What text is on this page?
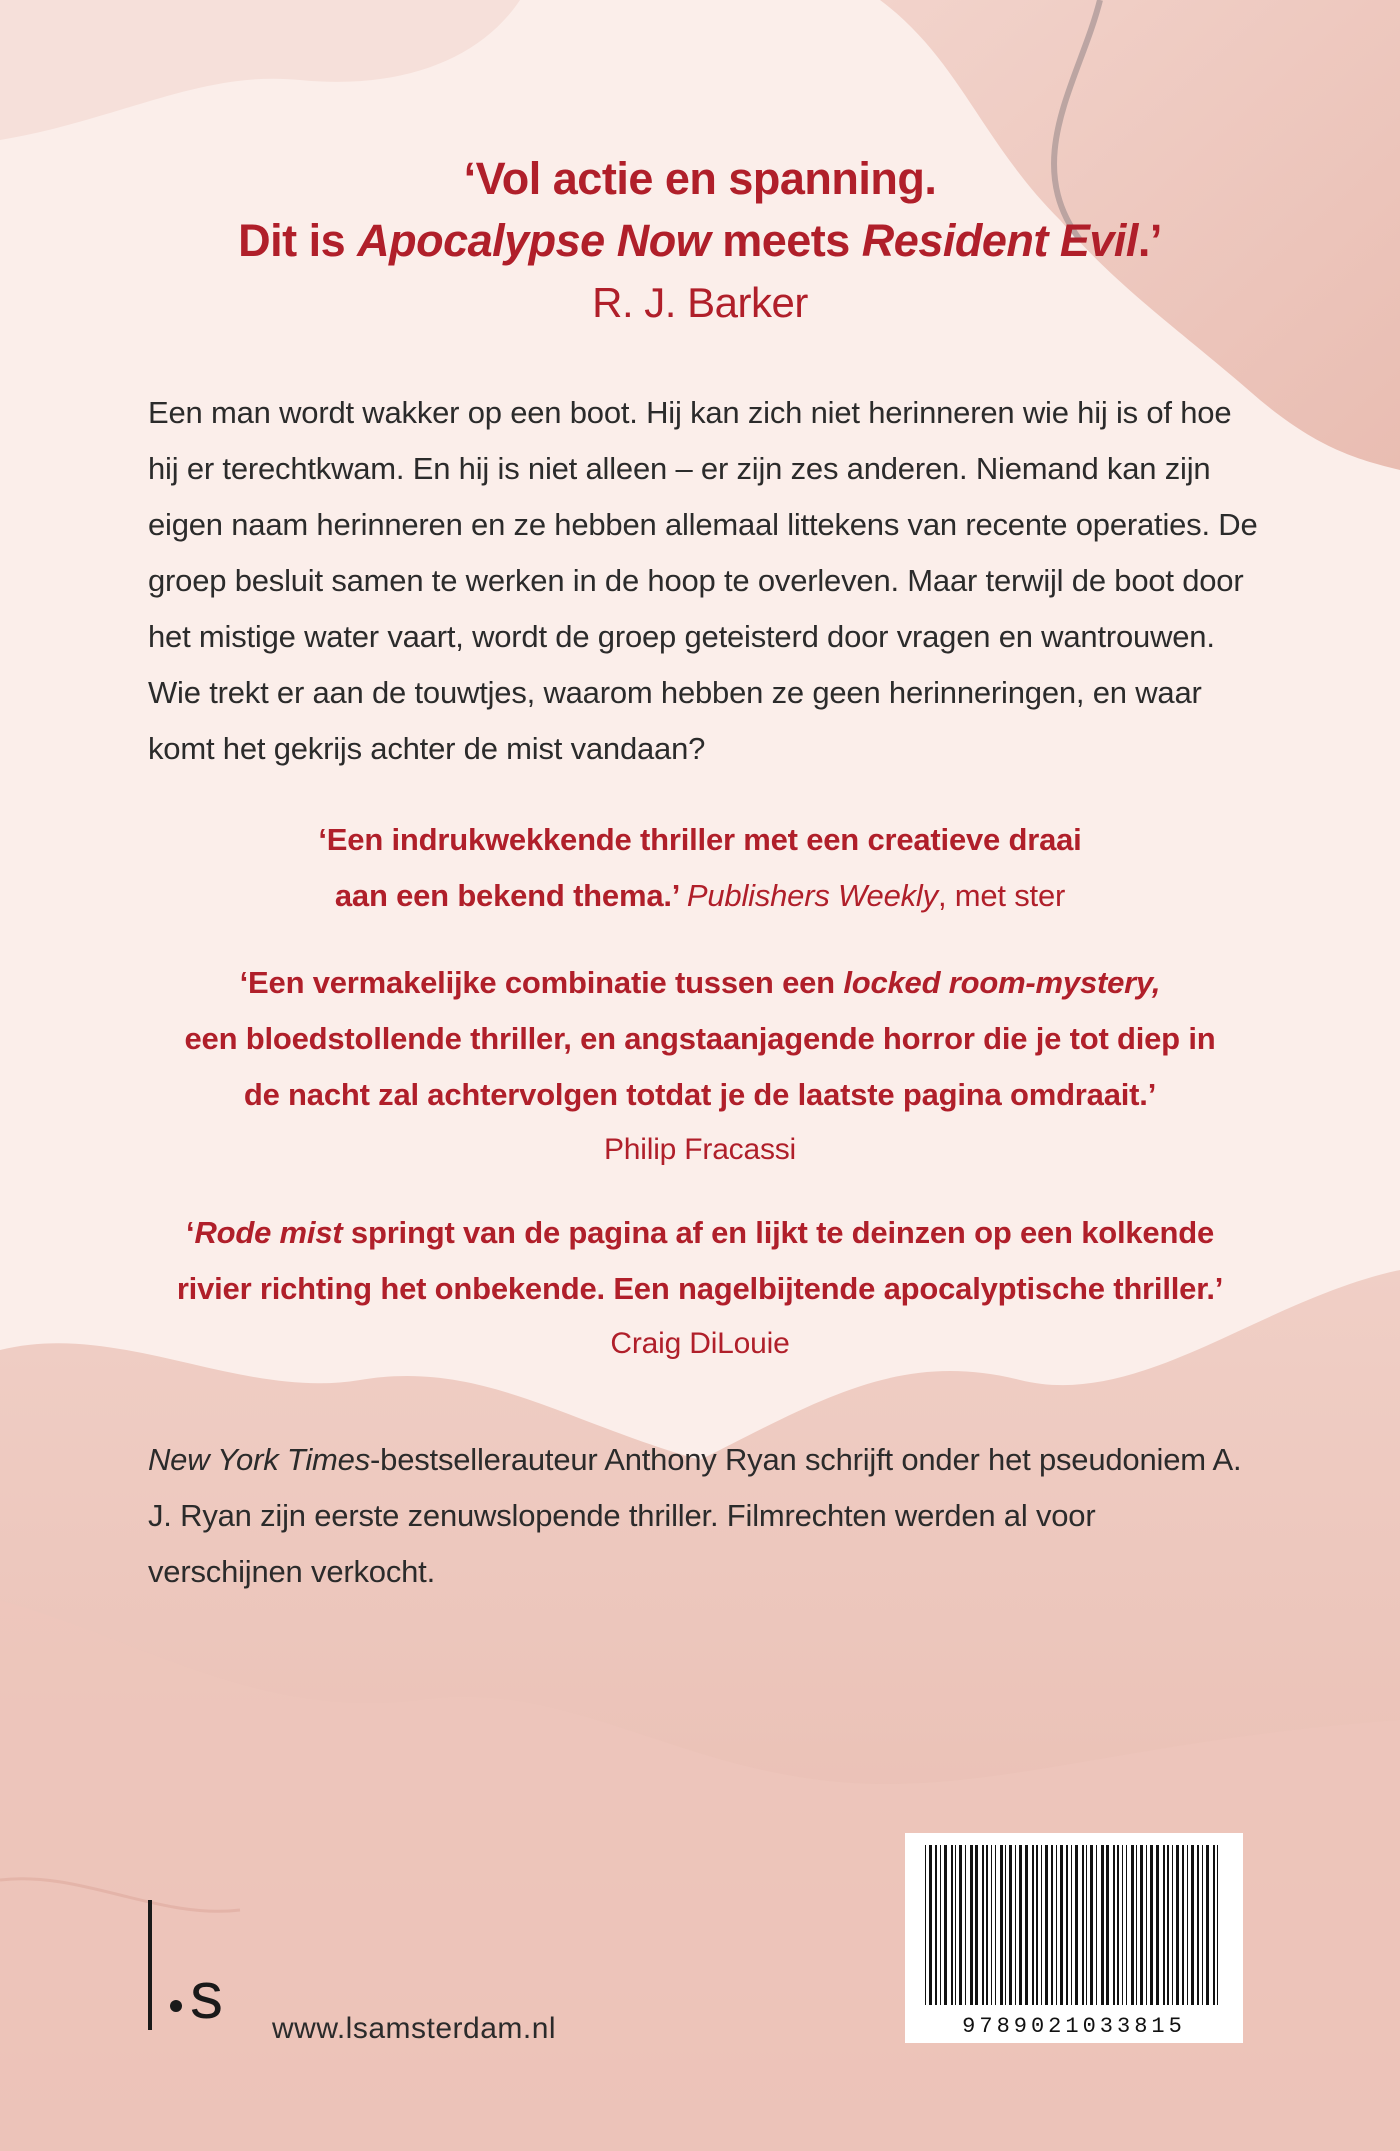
‘Vol actie en spanning.
Dit is Apocalypse Now meets Resident Evil.’
R. J. Barker
Een man wordt wakker op een boot. Hij kan zich niet herinneren wie hij is of hoe hij er terechtkwam. En hij is niet alleen – er zijn zes anderen. Niemand kan zijn eigen naam herinneren en ze hebben allemaal littekens van recente operaties. De groep besluit samen te werken in de hoop te overleven. Maar terwijl de boot door het mistige water vaart, wordt de groep geteisterd door vragen en wantrouwen. Wie trekt er aan de touwtjes, waarom hebben ze geen herinneringen, en waar komt het gekrijs achter de mist vandaan?
‘Een indrukwekkende thriller met een creatieve draai
aan een bekend thema.’ Publishers Weekly, met ster
‘Een vermakelijke combinatie tussen een locked room-mystery,
een bloedstollende thriller, en angstaanjagende horror die je tot diep in
de nacht zal achtervolgen totdat je de laatste pagina omdraait.’
Philip Fracassi
‘Rode mist springt van de pagina af en lijkt te deinzen op een kolkende
rivier richting het onbekende. Een nagelbijtende apocalyptische thriller.’
Craig DiLouie
New York Times-bestsellerauteur Anthony Ryan schrijft onder het pseudoniem A. J. Ryan zijn eerste zenuwslopende thriller. Filmrechten werden al voor verschijnen verkocht.
s www.lsamsterdam.nl	9789021033815
